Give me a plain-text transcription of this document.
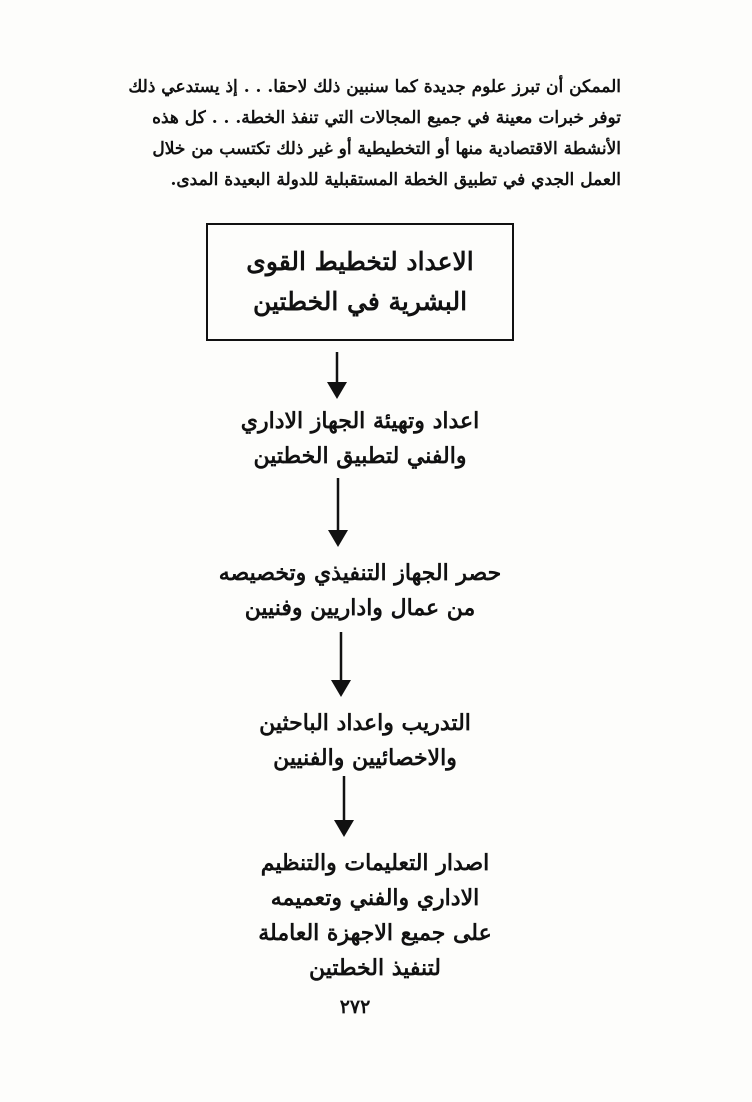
الممكن أن تبرز علوم جديدة كما سنبين ذلك لاحقا. . . إذ يستدعي ذلك
توفر خبرات معينة في جميع المجالات التي تنفذ الخطة. . . كل هذه
الأنشطة الاقتصادية منها أو التخطيطية أو غير ذلك تكتسب من خلال
العمل الجدي في تطبيق الخطة المستقبلية للدولة البعيدة المدى.
الاعداد لتخطيط القوى
البشرية في الخطتين
اعداد وتهيئة الجهاز الاداري
والفني لتطبيق الخطتين
حصر الجهاز التنفيذي وتخصيصه
من عمال واداريين وفنيين
التدريب واعداد الباحثين
والاخصائيين والفنيين
اصدار التعليمات والتنظيم
الاداري والفني وتعميمه
على جميع الاجهزة العاملة
لتنفيذ الخطتين
٢٧٢
